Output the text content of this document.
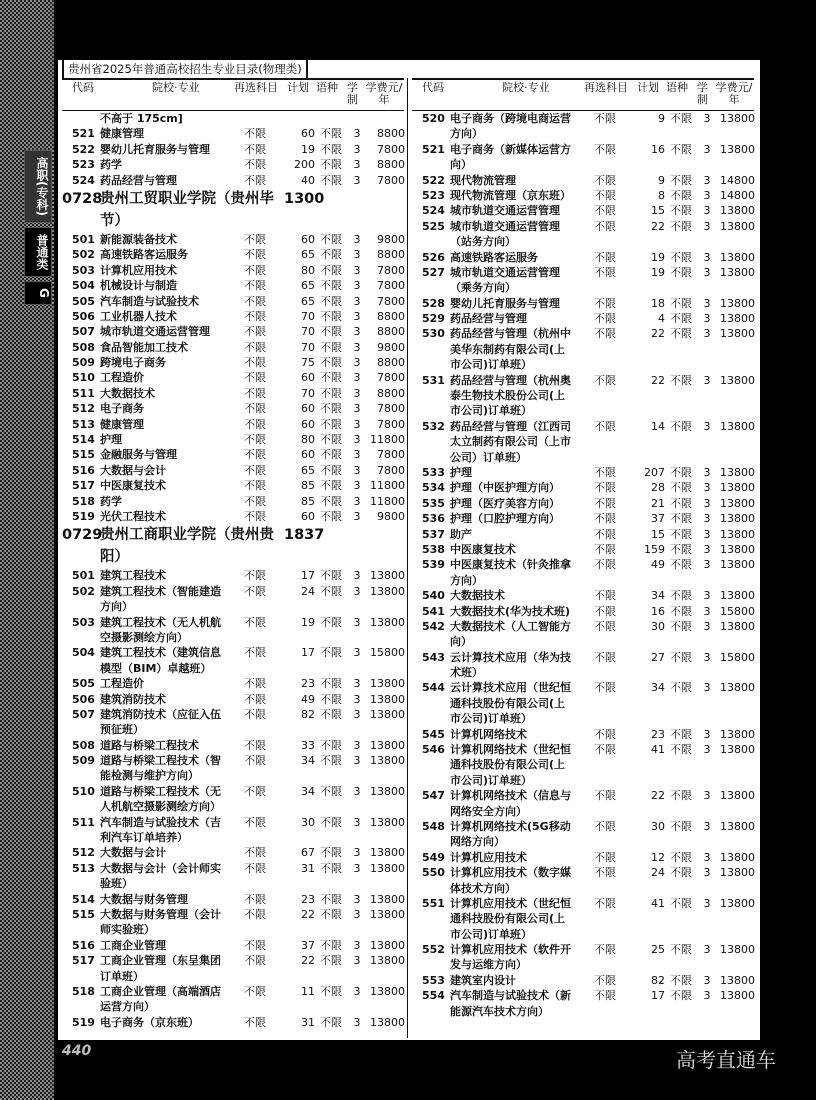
高职(专科)
普通类
G
贵州省2025年普通高校招生专业目录(物理类)
代码	院校·专业	再选科目 计划 语种 学制
学费元/年
不高于 175cm]
521 健康管理	不限	60 不限	3	8800
522 婴幼儿托育服务与管理	不限	19 不限	3	7800
523 药学	不限	200 不限	3	8800
524 药品经营与管理	不限	40 不限	3	7800
0728
贵州工贸职业学院（贵州毕 1300
节）
501 新能源装备技术	不限	60 不限	3	9800
502 高速铁路客运服务	不限	65 不限	3	8800
503 计算机应用技术	不限	80 不限	3	7800
504 机械设计与制造	不限	65 不限	3	7800
505 汽车制造与试验技术	不限	65 不限	3	7800
506 工业机器人技术	不限	70 不限	3	8800
507 城市轨道交通运营管理	不限	70 不限	3	8800
508 食品智能加工技术	不限	70 不限	3	9800
509 跨境电子商务	不限	75 不限	3	8800
510 工程造价	不限	60 不限	3	7800
511 大数据技术	不限	70 不限	3	8800
512 电子商务	不限	60 不限	3	7800
513 健康管理	不限	60 不限	3	7800
514 护理	不限	80 不限	3 11800
515 金融服务与管理	不限	60 不限	3	7800
516 大数据与会计	不限	65 不限	3	7800
517 中医康复技术	不限	85 不限	3 11800
518 药学	不限	85 不限	3 11800
519 光伏工程技术	不限	60 不限	3	9800
0729
贵州工商职业学院（贵州贵 1837
阳）
501 建筑工程技术	不限	17 不限	3 13800
502 建筑工程技术（智能建造	不限	24 不限	3 13800
方向）
503 建筑工程技术（无人机航	不限	19 不限	3 13800
空摄影测绘方向）
504 建筑工程技术（建筑信息	不限	17 不限	3 15800
模型（BIM）卓越班）
505 工程造价	不限	23 不限	3 13800
506 建筑消防技术	不限	49 不限	3 13800
507 建筑消防技术（应征入伍	不限	82 不限	3 13800
预征班）
508 道路与桥梁工程技术	不限	33 不限	3 13800
509 道路与桥梁工程技术（智	不限	34 不限	3 13800
能检测与维护方向）
510 道路与桥梁工程技术（无	不限	34 不限	3 13800
人机航空摄影测绘方向）
511 汽车制造与试验技术（吉	不限	30 不限	3 13800
利汽车订单培养）
512 大数据与会计	不限	67 不限	3 13800
513 大数据与会计（会计师实	不限	31 不限	3 13800
验班）
514 大数据与财务管理	不限	23 不限	3 13800
515 大数据与财务管理（会计	不限	22 不限	3 13800
师实验班）
516 工商企业管理	不限	37 不限	3 13800
517 工商企业管理（东呈集团	不限	22 不限	3 13800
订单班）
518 工商企业管理（高端酒店	不限	11 不限	3 13800
运营方向）
519 电子商务（京东班）	不限	31 不限	3 13800
代码	院校·专业	再选科目 计划 语种 学制
学费元/年
520 电子商务（跨境电商运营	不限	9 不限	3 13800
方向）
521 电子商务（新媒体运营方	不限	16 不限	3 13800
向）
522 现代物流管理	不限	9 不限	3 14800
523 现代物流管理（京东班）	不限	8 不限	3 14800
524 城市轨道交通运营管理	不限	15 不限	3 13800
525 城市轨道交通运营管理	不限	22 不限	3 13800
（站务方向）
526 高速铁路客运服务	不限	19 不限	3 13800
527 城市轨道交通运营管理	不限	19 不限	3 13800
（乘务方向）
528 婴幼儿托育服务与管理	不限	18 不限	3 13800
529 药品经营与管理	不限	4 不限	3 13800
530 药品经营与管理（杭州中	不限	22 不限	3 13800
美华东制药有限公司(上
市公司)订单班）
531 药品经营与管理（杭州奥	不限	22 不限	3 13800
泰生物技术股份公司(上
市公司)订单班）
532 药品经营与管理（江西司	不限	14 不限	3 13800
太立制药有限公司（上市
公司）订单班）
533 护理	不限	207 不限	3 13800
534 护理（中医护理方向）	不限	28 不限	3 13800
535 护理（医疗美容方向）	不限	21 不限	3 13800
536 护理（口腔护理方向）	不限	37 不限	3 13800
537 助产	不限	15 不限	3 13800
538 中医康复技术	不限	159 不限	3 13800
539 中医康复技术（针灸推拿	不限	49 不限	3 13800
方向）
540 大数据技术	不限	34 不限	3 13800
541 大数据技术(华为技术班)	不限	16 不限	3 15800
542 大数据技术（人工智能方	不限	30 不限	3 13800
向）
543 云计算技术应用（华为技	不限	27 不限	3 15800
术班）
544 云计算技术应用（世纪恒	不限	34 不限	3 13800
通科技股份有限公司(上
市公司)订单班）
545 计算机网络技术	不限	23 不限	3 13800
546 计算机网络技术（世纪恒	不限	41 不限	3 13800
通科技股份有限公司(上
市公司)订单班）
547 计算机网络技术（信息与	不限	22 不限	3 13800
网络安全方向）
548 计算机网络技术(5G移动	不限	30 不限	3 13800
网络方向）
549 计算机应用技术	不限	12 不限	3 13800
550 计算机应用技术（数字媒	不限	24 不限	3 13800
体技术方向）
551 计算机应用技术（世纪恒	不限	41 不限	3 13800
通科技股份有限公司(上
市公司)订单班）
552 计算机应用技术（软件开	不限	25 不限	3 13800
发与运维方向）
553 建筑室内设计	不限	82 不限	3 13800
554 汽车制造与试验技术（新	不限	17 不限	3 13800
能源汽车技术方向）
440	高考直通车
